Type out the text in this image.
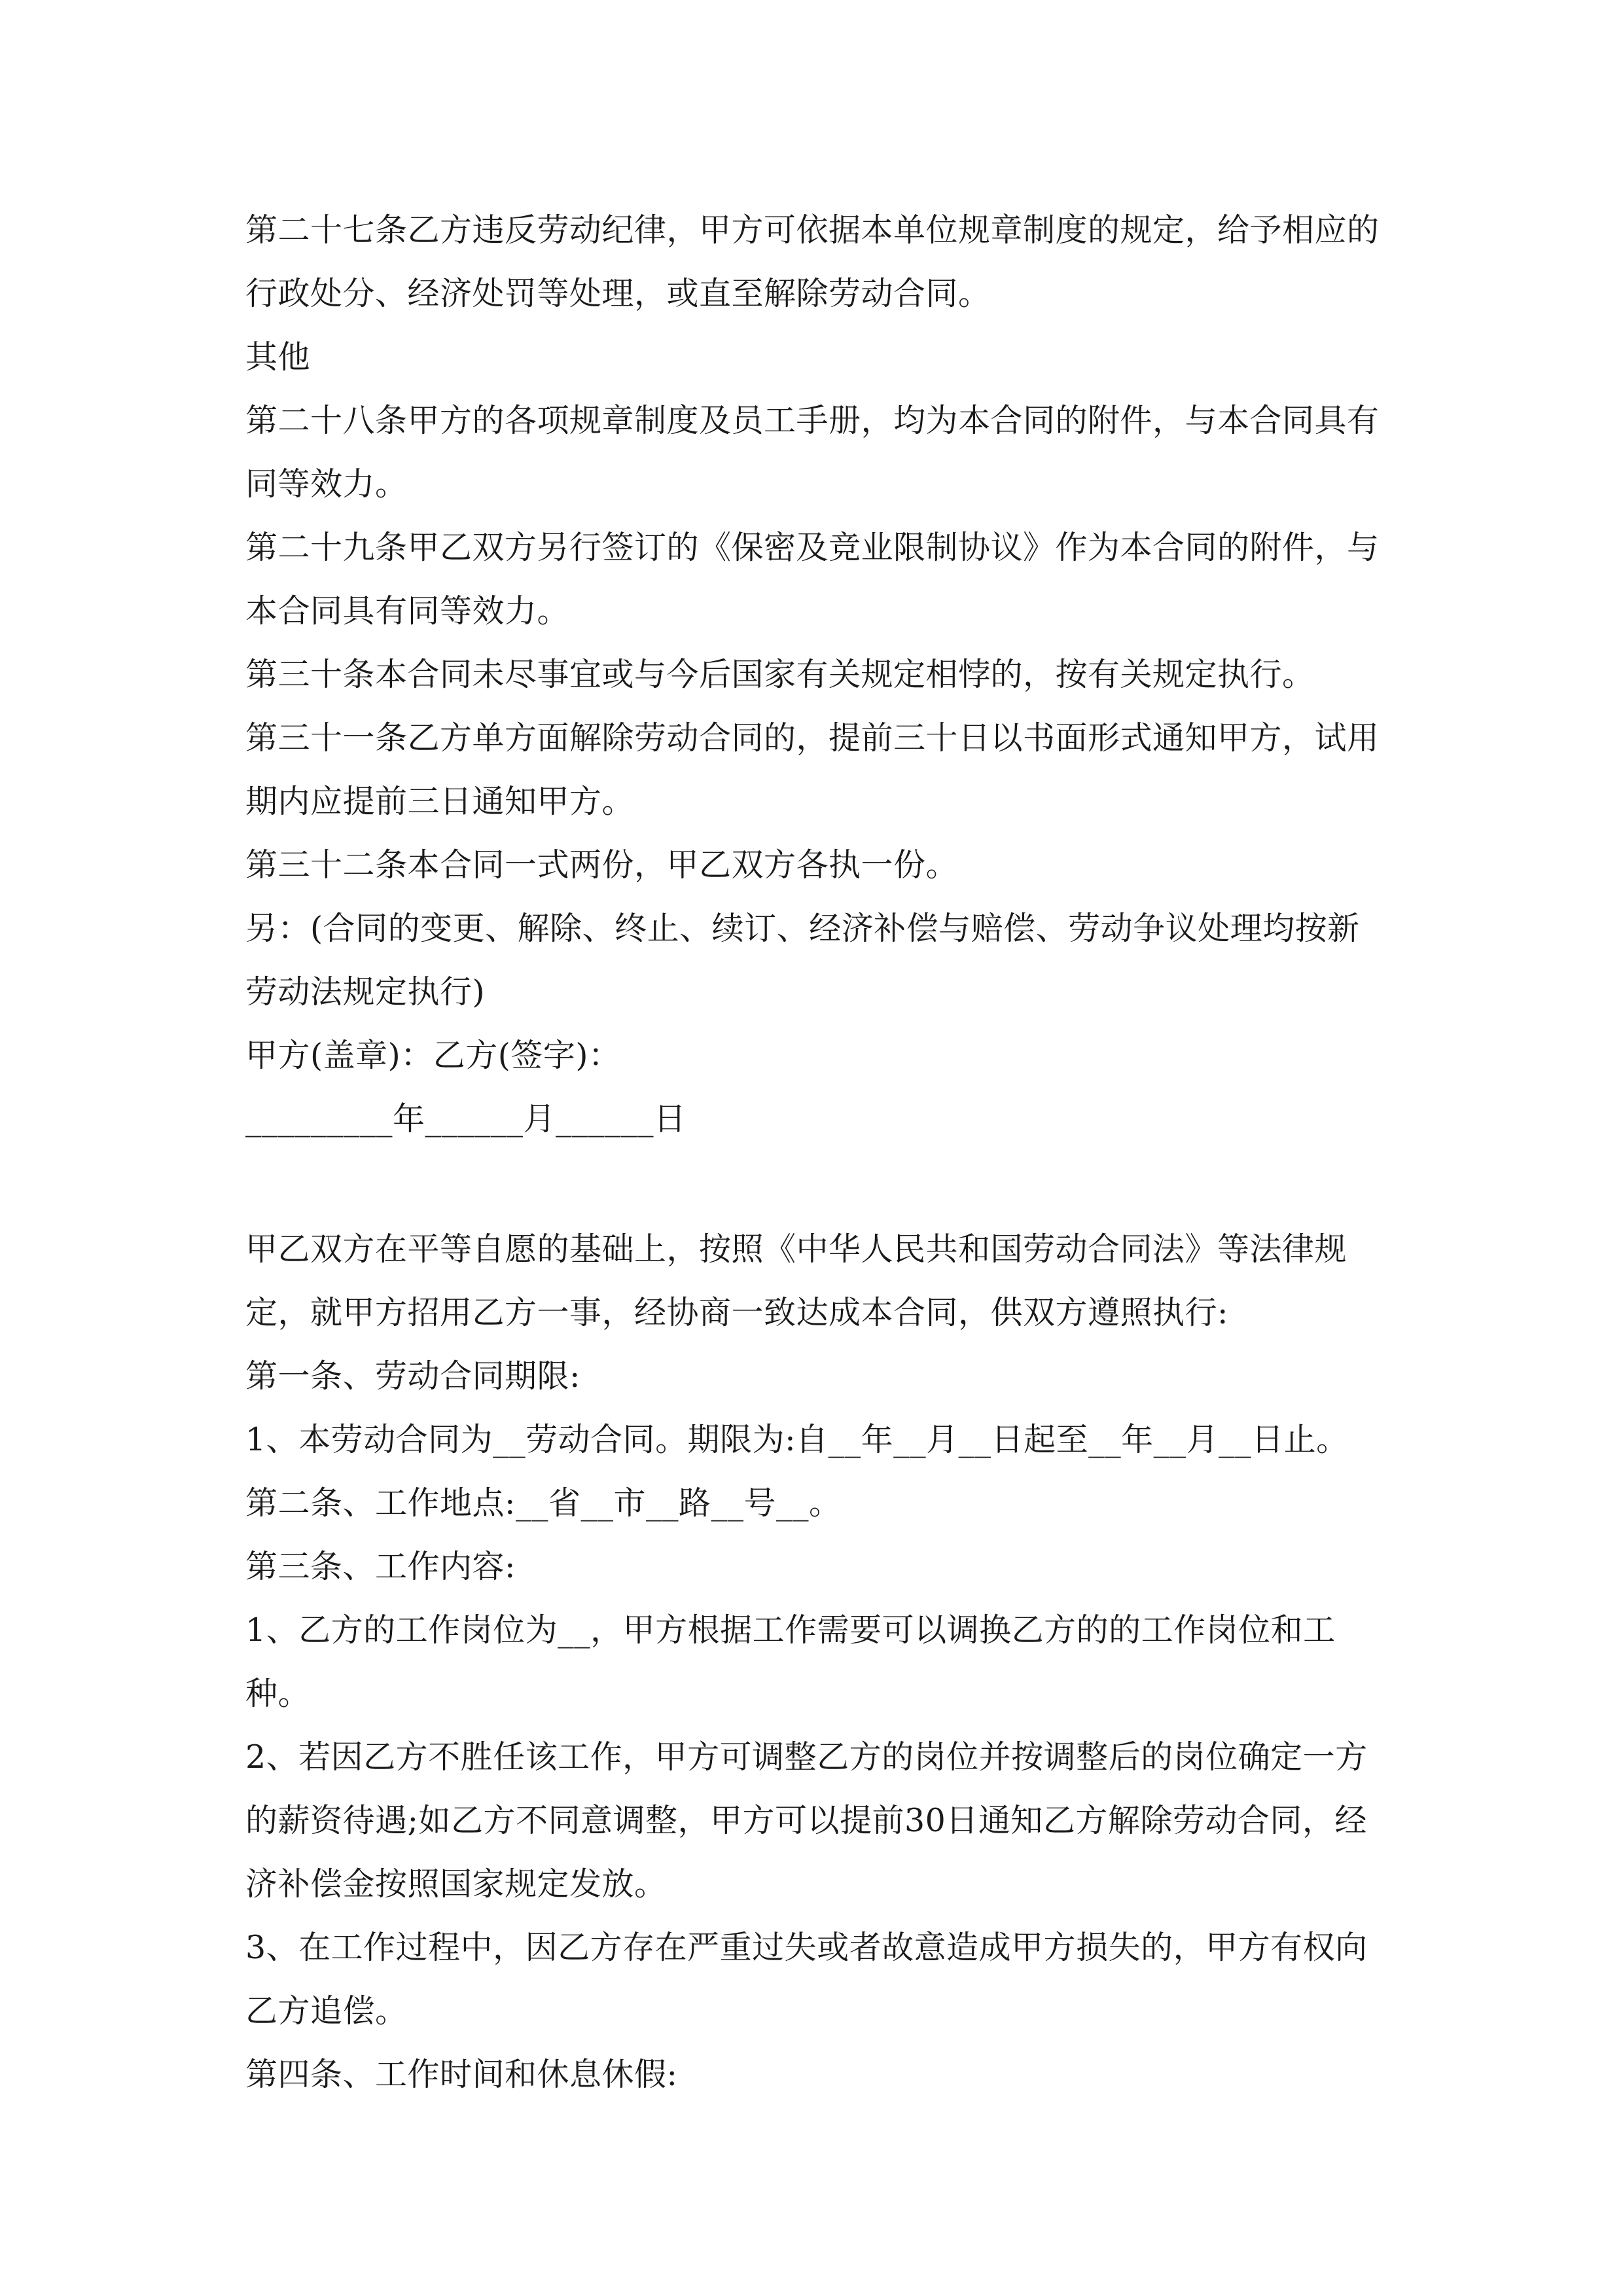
第二十七条乙方违反劳动纪律，甲方可依据本单位规章制度的规定，给予相应的行政处分、经济处罚等处理，或直至解除劳动合同。

其他

第二十八条甲方的各项规章制度及员工手册，均为本合同的附件，与本合同具有同等效力。

第二十九条甲乙双方另行签订的《保密及竞业限制协议》作为本合同的附件，与本合同具有同等效力。

第三十条本合同未尽事宜或与今后国家有关规定相悖的，按有关规定执行。

第三十一条乙方单方面解除劳动合同的，提前三十日以书面形式通知甲方，试用期内应提前三日通知甲方。

第三十二条本合同一式两份，甲乙双方各执一份。

另：(合同的变更、解除、终止、续订、经济补偿与赔偿、劳动争议处理均按新劳动法规定执行)

甲方(盖章)：乙方(签字)：

_________年______月______日

甲乙双方在平等自愿的基础上，按照《中华人民共和国劳动合同法》等法律规定，就甲方招用乙方一事，经协商一致达成本合同，供双方遵照执行:

第一条、劳动合同期限:

1、本劳动合同为__劳动合同。期限为:自__年__月__日起至__年__月__日止。

第二条、工作地点:__省__市__路__号__。

第三条、工作内容:

1、乙方的工作岗位为__，甲方根据工作需要可以调换乙方的的工作岗位和工种。

2、若因乙方不胜任该工作，甲方可调整乙方的岗位并按调整后的岗位确定一方的薪资待遇;如乙方不同意调整，甲方可以提前30日通知乙方解除劳动合同，经济补偿金按照国家规定发放。

3、在工作过程中，因乙方存在严重过失或者故意造成甲方损失的，甲方有权向乙方追偿。

第四条、工作时间和休息休假:
